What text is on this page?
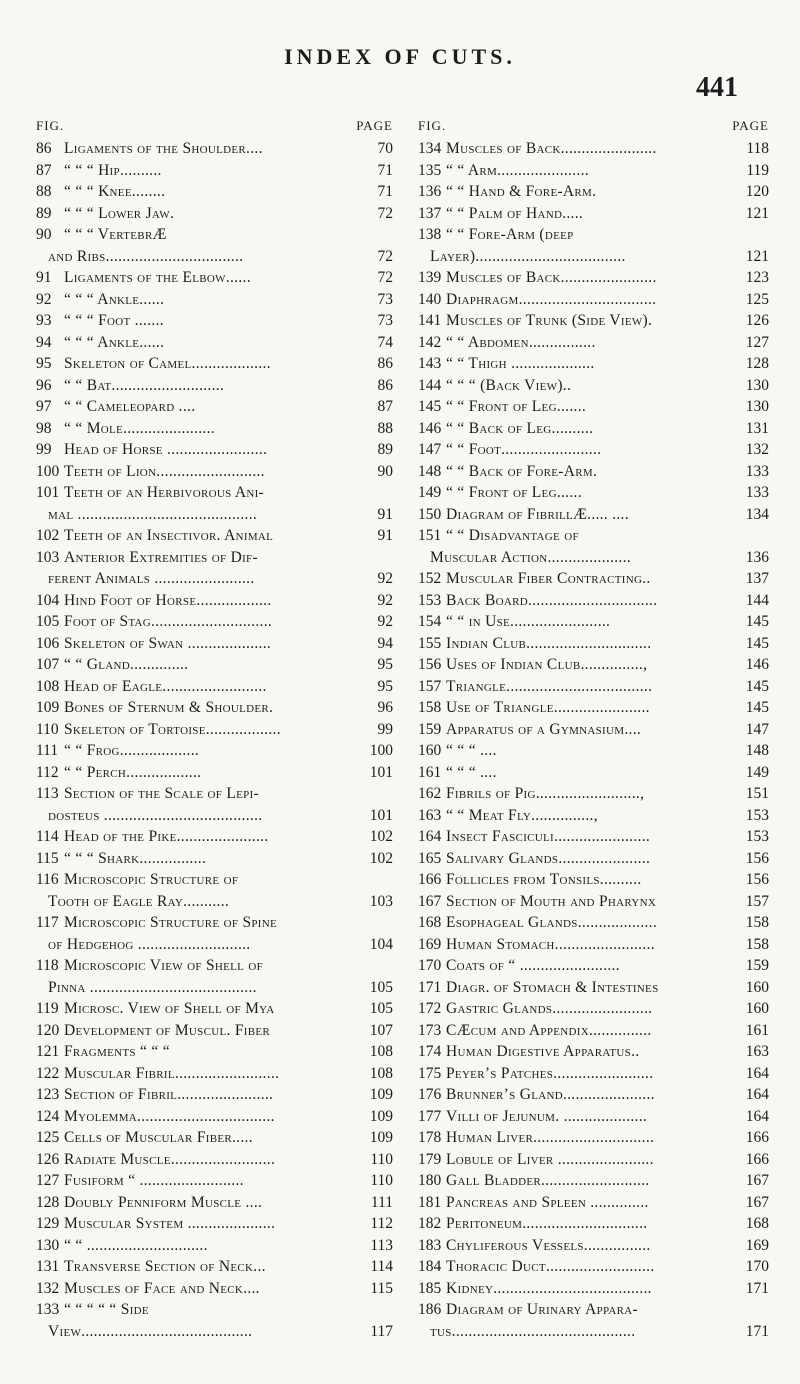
INDEX OF CUTS.
441
FIG.	PAGE
86 Ligaments of the Shoulder....	70
87 “ “ “ Hip..........	71
88 “ “ “ Knee........	71
89 “ “ “ Lower Jaw.	72
90 “ “ “ VertebrÆ
and Ribs.................................	72
91 Ligaments of the Elbow......	72
92 “ “ “ Ankle......	73
93 “ “ “ Foot .......	73
94 “ “ “ Ankle......	74
95 Skeleton of Camel...................	86
96 “ “ Bat...........................	86
97 “ “ Cameleopard ....	87
98 “ “ Mole......................	88
99 Head of Horse ........................	89
100 Teeth of Lion..........................	90
101 Teeth of an Herbivorous Ani-
mal ...........................................	91
102 Teeth of an Insectivor. Animal	91
103 Anterior Extremities of Dif-
ferent Animals ........................	92
104 Hind Foot of Horse..................	92
105 Foot of Stag.............................	92
106 Skeleton of Swan ....................	94
107 “ “ Gland..............	95
108 Head of Eagle.........................	95
109 Bones of Sternum & Shoulder.	96
110 Skeleton of Tortoise..................	99
111 “ “ Frog...................	100
112 “ “ Perch..................	101
113 Section of the Scale of Lepi-
dosteus ......................................	101
114 Head of the Pike......................	102
115 “ “ “ Shark................	102
116 Microscopic Structure of
Tooth of Eagle Ray...........	103
117 Microscopic Structure of Spine
of Hedgehog ...........................	104
118 Microscopic View of Shell of
Pinna ........................................	105
119 Microsc. View of Shell of Mya	105
120 Development of Muscul. Fiber	107
121 Fragments “ “ “	108
122 Muscular Fibril.........................	108
123 Section of Fibril.......................	109
124 Myolemma.................................	109
125 Cells of Muscular Fiber.....	109
126 Radiate Muscle.........................	110
127 Fusiform “ .........................	110
128 Doubly Penniform Muscle ....	111
129 Muscular System .....................	112
130 “ “ .............................	113
131 Transverse Section of Neck...	114
132 Muscles of Face and Neck....	115
133 “ “ “ “ “ Side
View.........................................	117
FIG.	PAGE
134 Muscles of Back.......................	118
135 “ “ Arm......................	119
136 “ “ Hand & Fore-Arm.	120
137 “ “ Palm of Hand.....	121
138 “ “ Fore-Arm (deep
Layer)....................................	121
139 Muscles of Back.......................	123
140 Diaphragm.................................	125
141 Muscles of Trunk (Side View).	126
142 “ “ Abdomen................	127
143 “ “ Thigh ....................	128
144 “ “ “ (Back View)..	130
145 “ “ Front of Leg.......	130
146 “ “ Back of Leg..........	131
147 “ “ Foot........................	132
148 “ “ Back of Fore-Arm.	133
149 “ “ Front of Leg......	133
150 Diagram of FibrillÆ..... ....	134
151 “ “ Disadvantage of
Muscular Action....................	136
152 Muscular Fiber Contracting..	137
153 Back Board...............................	144
154 “ “ in Use........................	145
155 Indian Club..............................	145
156 Uses of Indian Club...............,	146
157 Triangle...................................	145
158 Use of Triangle.......................	145
159 Apparatus of a Gymnasium....	147
160 “ “ “ ....	148
161 “ “ “ ....	149
162 Fibrils of Pig.........................,	151
163 “ “ Meat Fly...............,	153
164 Insect Fasciculi.......................	153
165 Salivary Glands......................	156
166 Follicles from Tonsils..........	156
167 Section of Mouth and Pharynx	157
168 Esophageal Glands...................	158
169 Human Stomach........................	158
170 Coats of “ ........................	159
171 Diagr. of Stomach & Intestines	160
172 Gastric Glands........................	160
173 CÆcum and Appendix...............	161
174 Human Digestive Apparatus..	163
175 Peyer’s Patches........................	164
176 Brunner’s Gland......................	164
177 Villi of Jejunum. ....................	164
178 Human Liver.............................	166
179 Lobule of Liver .......................	166
180 Gall Bladder..........................	167
181 Pancreas and Spleen ..............	167
182 Peritoneum..............................	168
183 Chyliferous Vessels................	169
184 Thoracic Duct..........................	170
185 Kidney......................................	171
186 Diagram of Urinary Appara-
tus............................................	171
